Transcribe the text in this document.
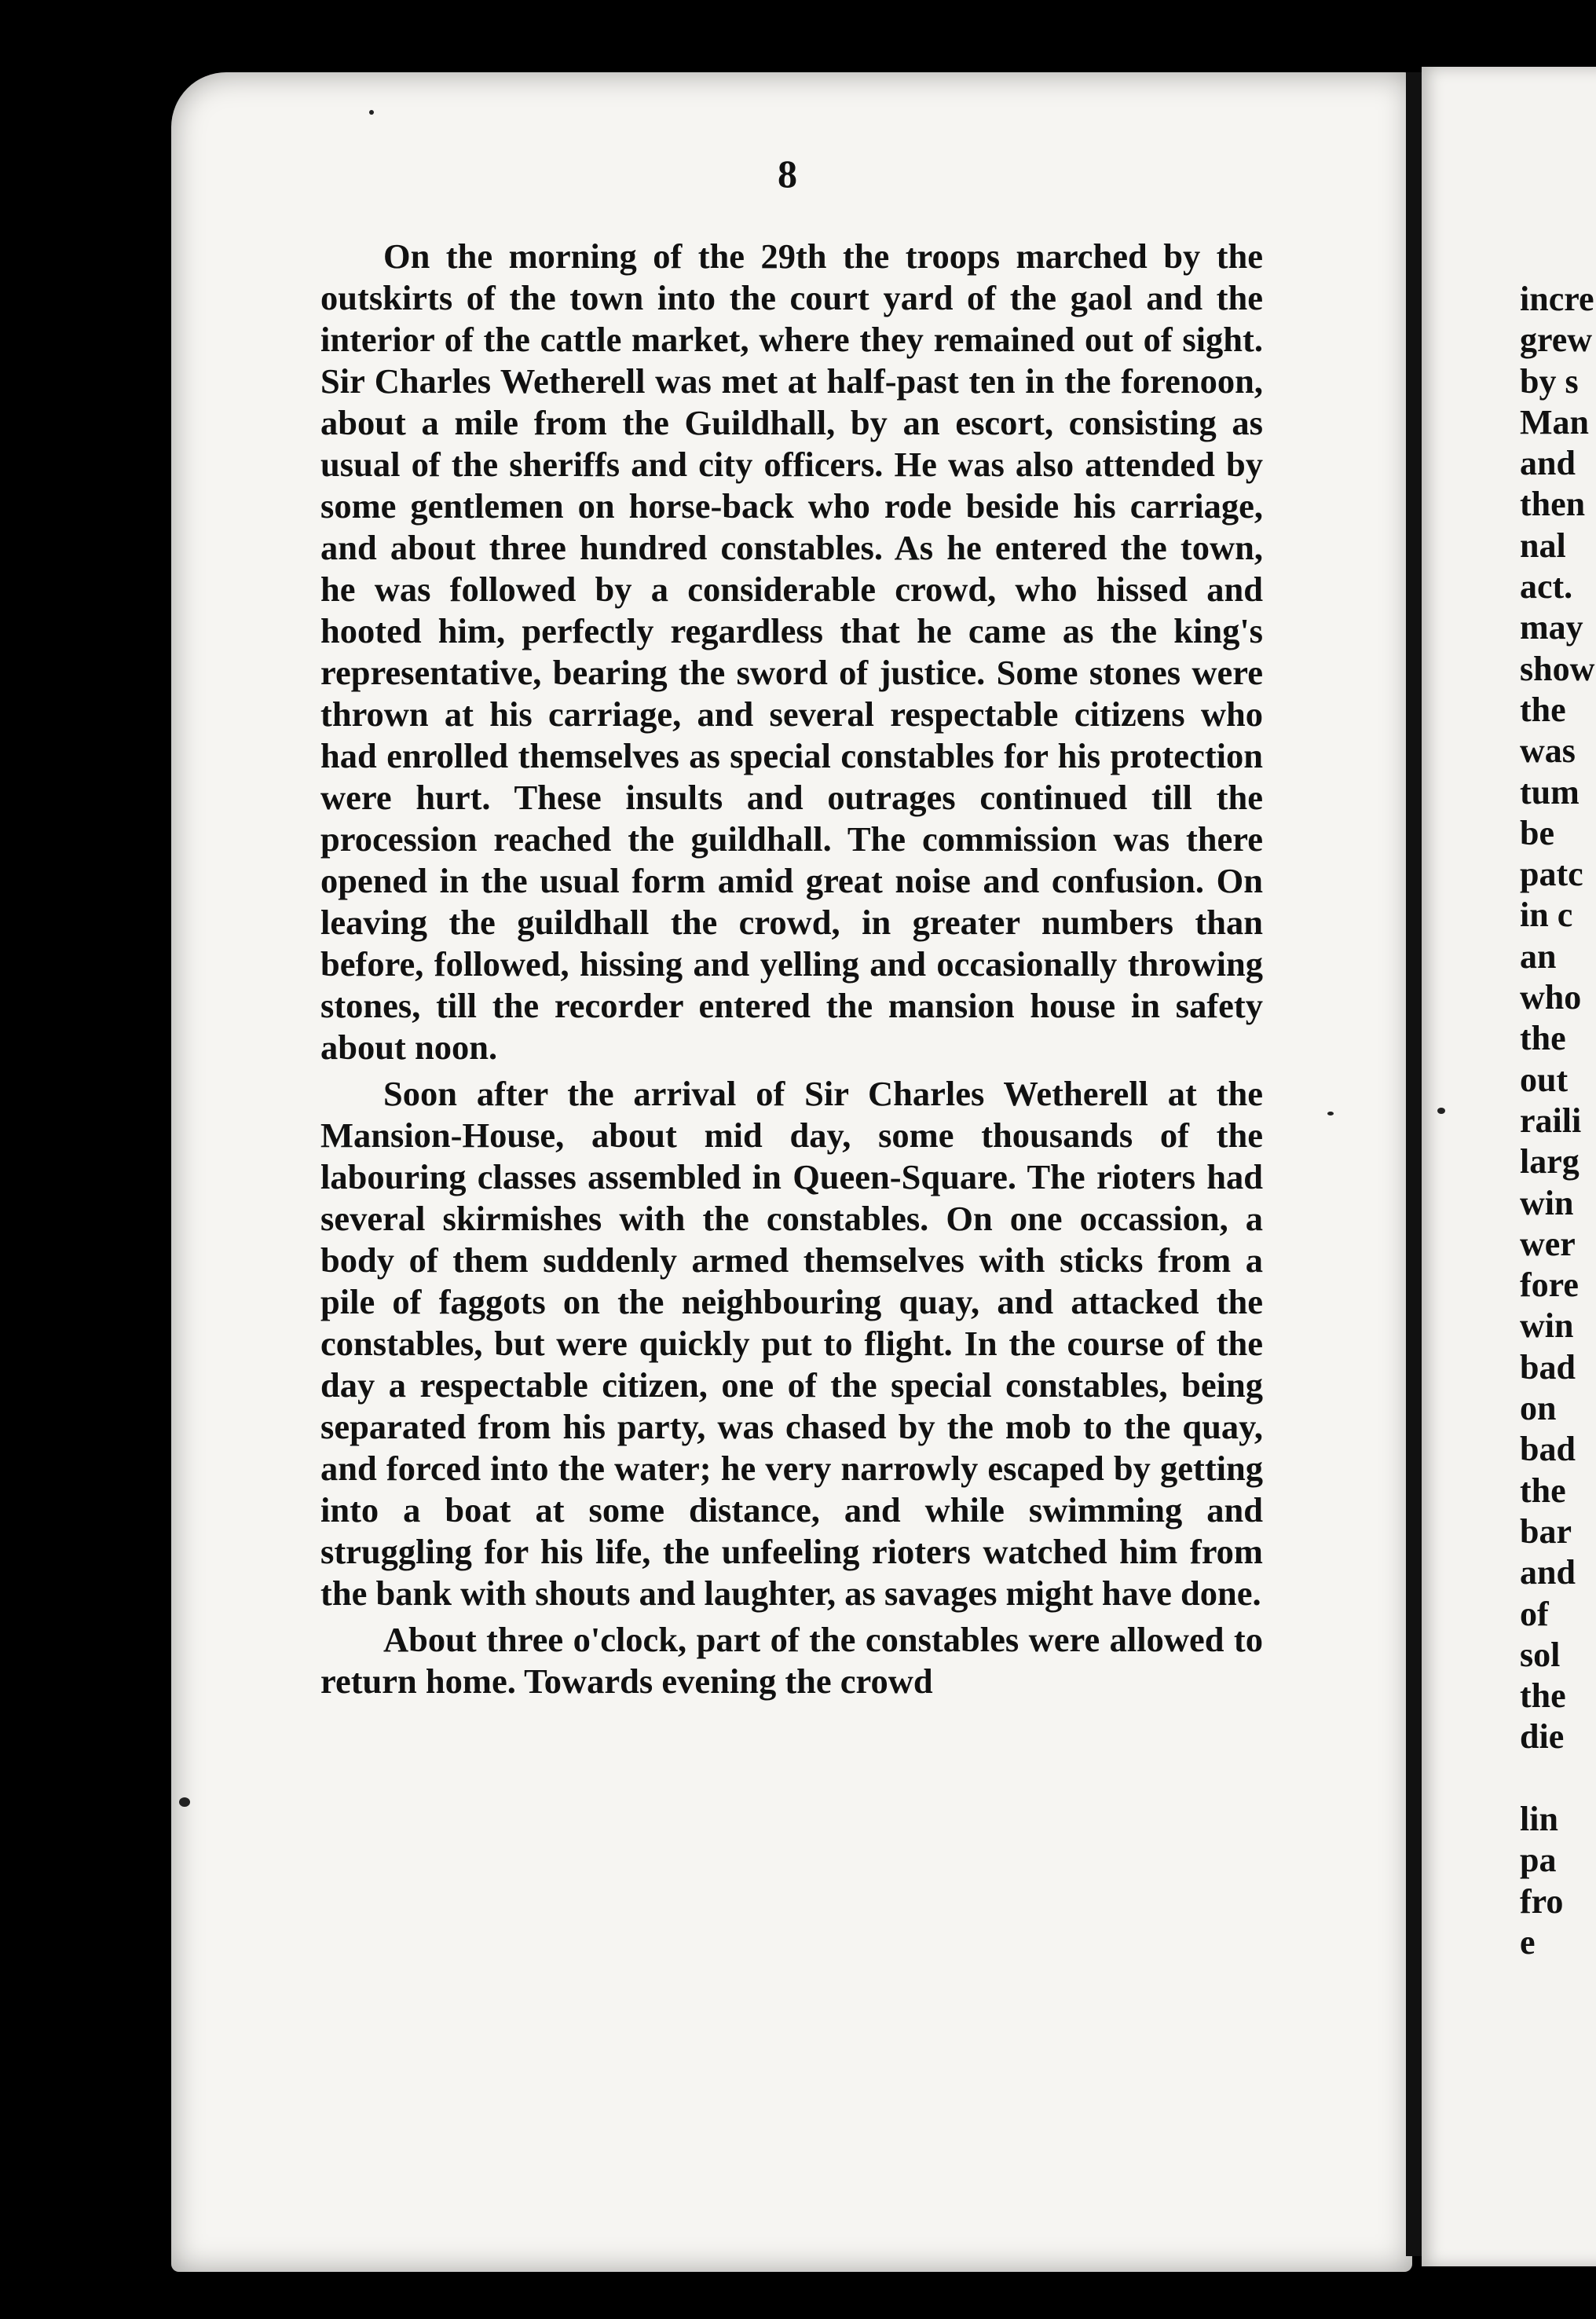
8

On the morning of the 29th the troops marched by the outskirts of the town into the court yard of the gaol and the interior of the cattle market, where they remained out of sight. Sir Charles Wetherell was met at half-past ten in the forenoon, about a mile from the Guildhall, by an escort, consisting as usual of the sheriffs and city officers. He was also attended by some gentlemen on horse-back who rode beside his carriage, and about three hundred constables. As he entered the town, he was followed by a considerable crowd, who hissed and hooted him, perfectly regardless that he came as the king's representative, bearing the sword of justice. Some stones were thrown at his carriage, and several respectable citizens who had enrolled themselves as special constables for his protection were hurt. These insults and outrages continued till the procession reached the guildhall. The commission was there opened in the usual form amid great noise and confusion. On leaving the guildhall the crowd, in greater numbers than before, followed, hissing and yelling and occasionally throwing stones, till the recorder entered the mansion house in safety about noon.

Soon after the arrival of Sir Charles Wetherell at the Mansion-House, about mid day, some thousands of the labouring classes assembled in Queen-Square. The rioters had several skirmishes with the constables. On one occassion, a body of them suddenly armed themselves with sticks from a pile of faggots on the neighbouring quay, and attacked the constables, but were quickly put to flight. In the course of the day a respectable citizen, one of the special constables, being separated from his party, was chased by the mob to the quay, and forced into the water; he very narrowly escaped by getting into a boat at some distance, and while swimming and struggling for his life, the unfeeling rioters watched him from the bank with shouts and laughter, as savages might have done.

About three o'clock, part of the constables were allowed to return home. Towards evening the crowd

incre
grew
by s
Man
and
then
nal
act.
may
show
the
was
tum
be
patc
in c
an
who
the
out
raili
larg
win
wer
fore
win
bad
on
bad
the
bar
and
of
sol
the
die
lin
pa
fro
e
